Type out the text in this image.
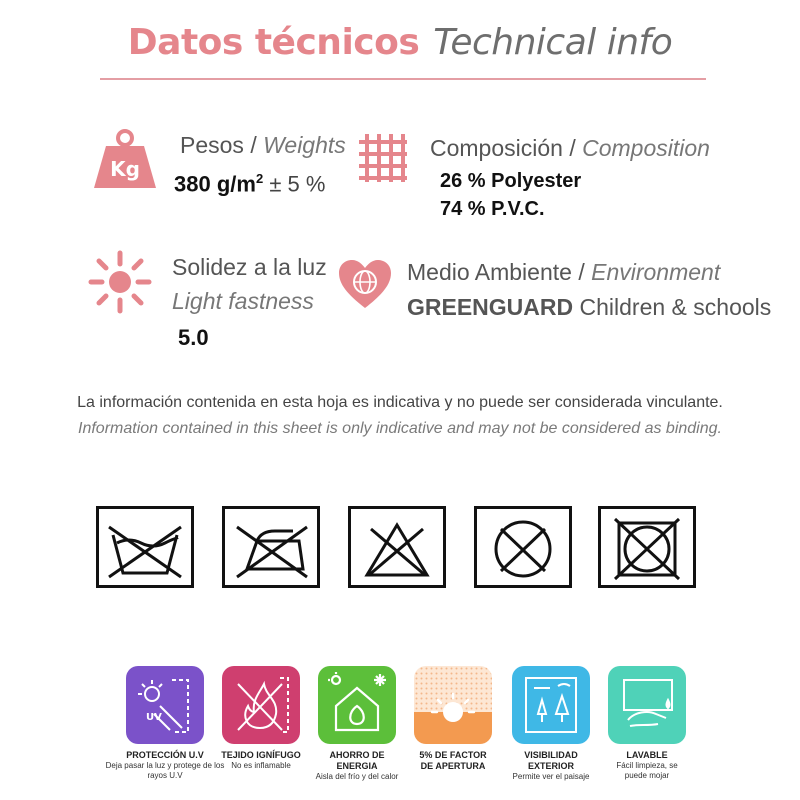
Datos técnicos Technical info
Kg
Pesos / Weights
380 $g/m^2 \pm 5$ %
Composición / Composition
26 % Polyester
74 % P.V.C.
Solidez a la luz
Light fastness
5.0
Medio Ambiente / Environment
GREENGUARD Children & schools
La información contenida en esta hoja es indicativa y no puede ser considerada vinculante.
Information contained in this sheet is only indicative and may not be considered as binding.
UV
PROTECCIÓN U.V
Deja pasar la luz y protege de los rayos U.V
TEJIDO IGNÍFUGO
No es inflamable
AHORRO DE ENERGIA
Aisla del frío y del calor
5% DE FACTOR DE APERTURA
VISIBILIDAD EXTERIOR
Permite ver el paisaje
LAVABLE
Fácil limpieza, se puede mojar
